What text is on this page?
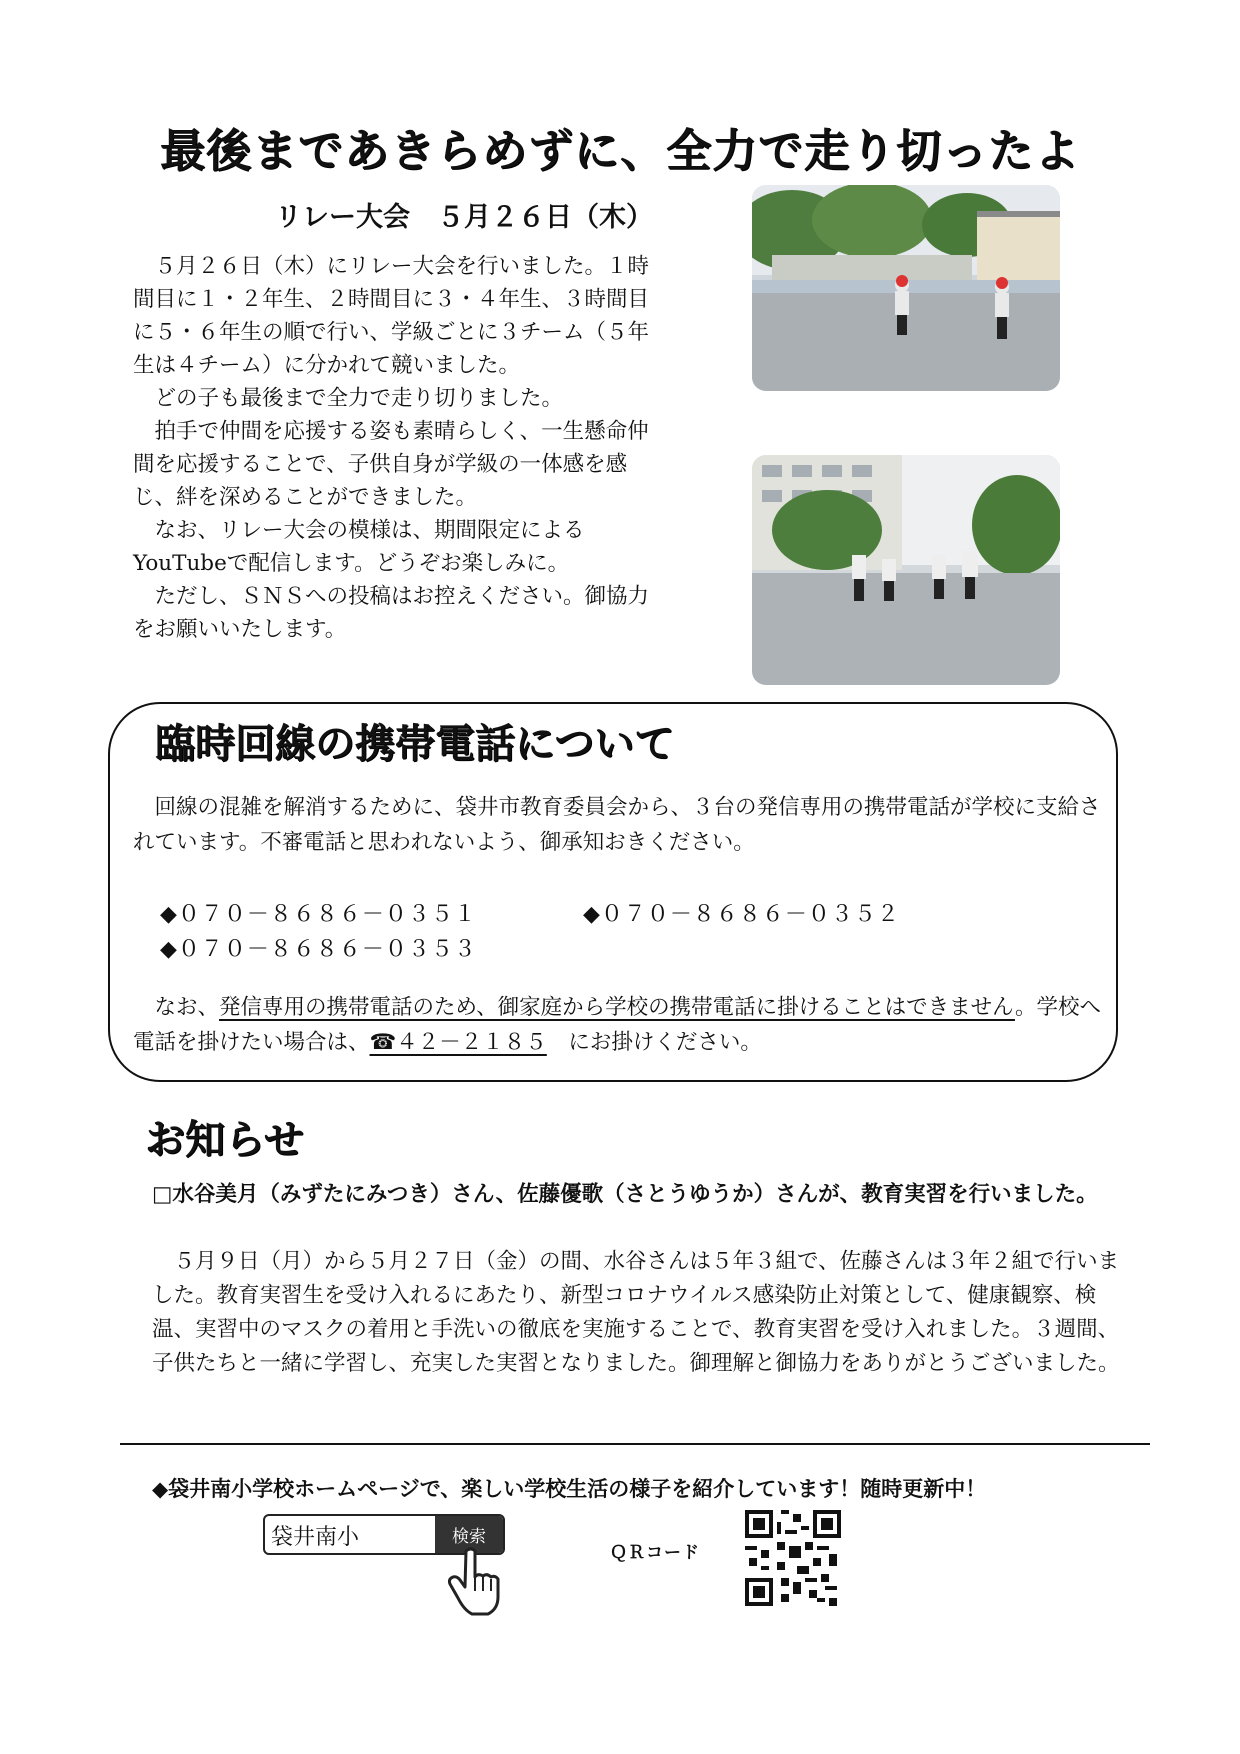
最後まであきらめずに、全力で走り切ったよ
リレー大会　５月２６日（木）

　５月２６日（木）にリレー大会を行いました。１時間目に１・２年生、２時間目に３・４年生、３時間目に５・６年生の順で行い、学級ごとに３チーム（５年生は４チーム）に分かれて競いました。

　どの子も最後まで全力で走り切りました。

　拍手で仲間を応援する姿も素晴らしく、一生懸命仲間を応援することで、子供自身が学級の一体感を感じ、絆を深めることができました。

　なお、リレー大会の模様は、期間限定によるYouTubeで配信します。どうぞお楽しみに。

　ただし、ＳＮＳへの投稿はお控えください。御協力をお願いいたします。

臨時回線の携帯電話について

　回線の混雑を解消するために、袋井市教育委員会から、３台の発信専用の携帯電話が学校に支給されています。不審電話と思われないよう、御承知おきください。

◆０７０－８６８６－０３５１	◆０７０－８６８６－０３５２
◆０７０－８６８６－０３５３

　なお、発信専用の携帯電話のため、御家庭から学校の携帯電話に掛けることはできません。学校へ電話を掛けたい場合は、☎４２－２１８５　にお掛けください。

お知らせ

□水谷美月（みずたにみつき）さん、佐藤優歌（さとうゆうか）さんが、教育実習を行いました。

　５月９日（月）から５月２７日（金）の間、水谷さんは５年３組で、佐藤さんは３年２組で行いました。教育実習生を受け入れるにあたり、新型コロナウイルス感染防止対策として、健康観察、検温、実習中のマスクの着用と手洗いの徹底を実施することで、教育実習を受け入れました。３週間、子供たちと一緒に学習し、充実した実習となりました。御理解と御協力をありがとうございました。

◆袋井南小学校ホームページで、楽しい学校生活の様子を紹介しています！随時更新中！
袋井南小	検索
ＱＲコード
